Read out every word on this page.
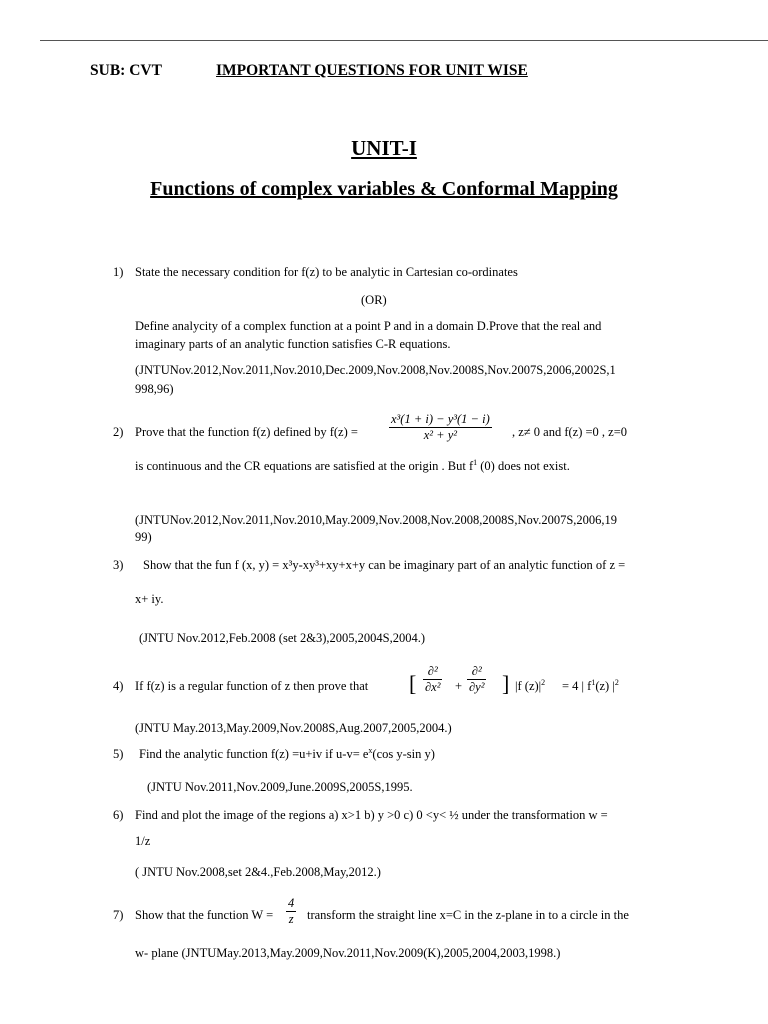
SUB: CVT	IMPORTANT QUESTIONS FOR UNIT WISE
UNIT-I
Functions of complex variables & Conformal Mapping
1) State the necessary condition for f(z) to be analytic in Cartesian co-ordinates
(OR)
Define analycity of a complex function at a point P and in a domain D.Prove that the real and
imaginary parts of an analytic function satisfies C-R equations.
(JNTUNov.2012,Nov.2011,Nov.2010,Dec.2009,Nov.2008,Nov.2008S,Nov.2007S,2006,2002S,1
998,96)
2) Prove that the function f(z) defined by $f(z) = \frac{\text{x³(1 + i) − y³(1 − i)}}{\text{x² + y²}}$ , z≠ 0 and f(z) =0 , z=0
is continuous and the CR equations are satisfied at the origin . But $f^1$ (0) does not exist.
(JNTUNov.2012,Nov.2011,Nov.2010,May.2009,Nov.2008,Nov.2008,2008S,Nov.2007S,2006,19
99)
3) Show that the fun f (x, y) = x³y-xy³+xy+x+y can be imaginary part of an analytic function of z =
x+ iy.
(JNTU Nov.2012,Feb.2008 (set 2&3),2005,2004S,2004.)
4) If f(z) is a regular function of z then prove that [ ∂²
∂x² +
∂²
∂y² ] |f $(z)|^2 = 4$ | $f^1(z)$ $|^2$
(JNTU May.2013,May.2009,Nov.2008S,Aug.2007,2005,2004.)
5) Find the analytic function f(z) =u+iv if $u-v= e^x(\cos$ y-sin y)
(JNTU Nov.2011,Nov.2009,June.2009S,2005S,1995.
6) Find and plot the image of the regions a) x>1 b) y >0 c) 0 <y< ½ under the transformation w =
1/z
( JNTU Nov.2008,set 2&4.,Feb.2008,May,2012.)
7) Show that the function $W = \frac{4}{z}$ transform the straight line x=C in the z-plane in to a circle in the
w- plane (JNTUMay.2013,May.2009,Nov.2011,Nov.2009(K),2005,2004,2003,1998.)
